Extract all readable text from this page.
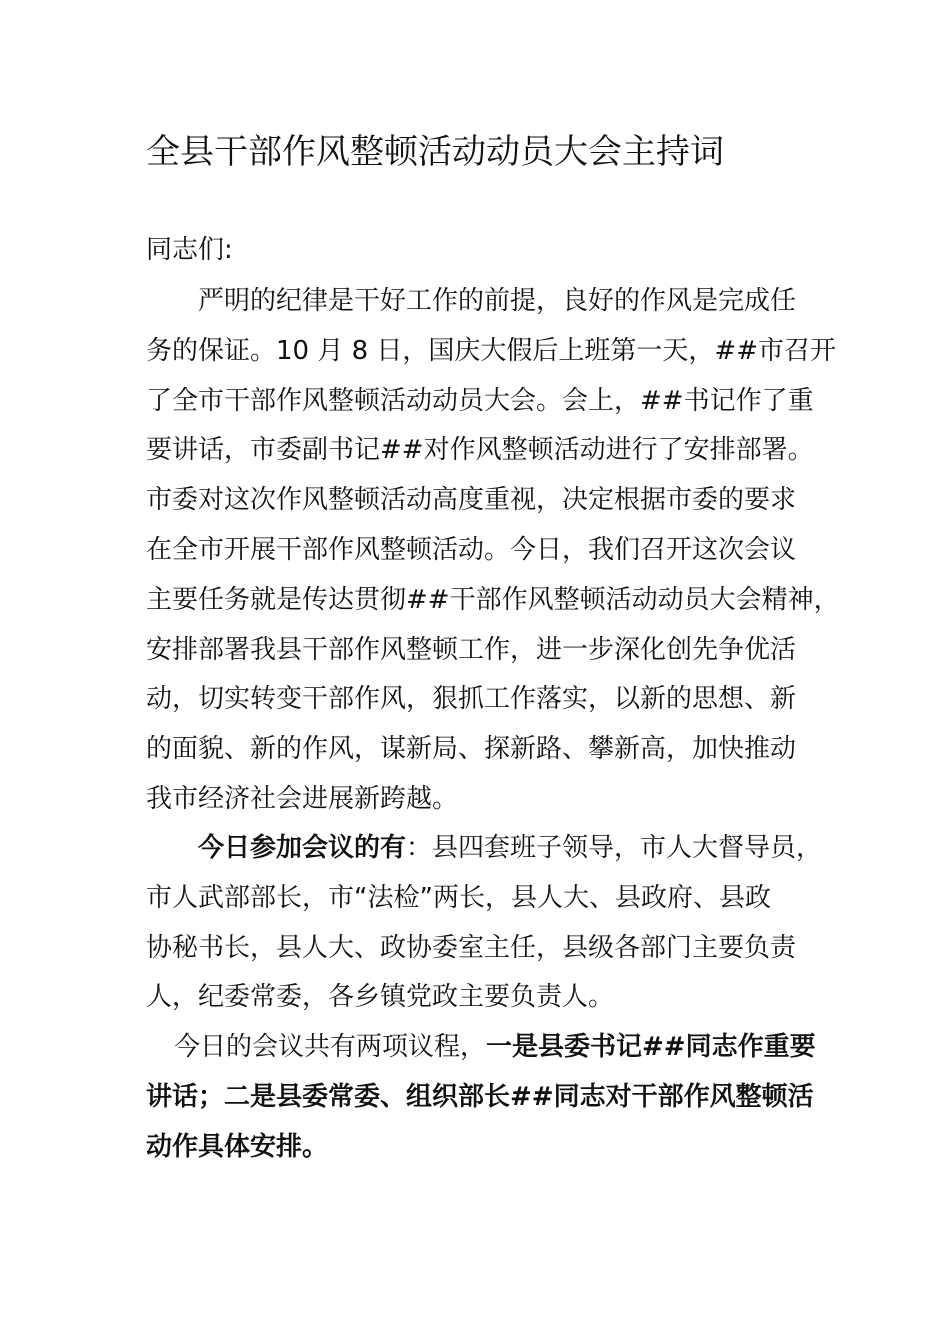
全县干部作风整顿活动动员大会主持词

同志们:

严明的纪律是干好工作的前提，良好的作风是完成任
务的保证。10 月 8 日，国庆大假后上班第一天，##市召开
了全市干部作风整顿活动动员大会。会上，##书记作了重
要讲话，市委副书记##对作风整顿活动进行了安排部署。
市委对这次作风整顿活动高度重视，决定根据市委的要求
在全市开展干部作风整顿活动。今日，我们召开这次会议
主要任务就是传达贯彻##干部作风整顿活动动员大会精神，
安排部署我县干部作风整顿工作，进一步深化创先争优活
动，切实转变干部作风，狠抓工作落实，以新的思想、新
的面貌、新的作风，谋新局、探新路、攀新高，加快推动
我市经济社会进展新跨越。
今日参加会议的有：县四套班子领导，市人大督导员，
市人武部部长，市“法检”两长，县人大、县政府、县政
协秘书长，县人大、政协委室主任，县级各部门主要负责
人，纪委常委，各乡镇党政主要负责人。
今日的会议共有两项议程，一是县委书记##同志作重要
讲话；二是县委常委、组织部长##同志对干部作风整顿活
动作具体安排。
